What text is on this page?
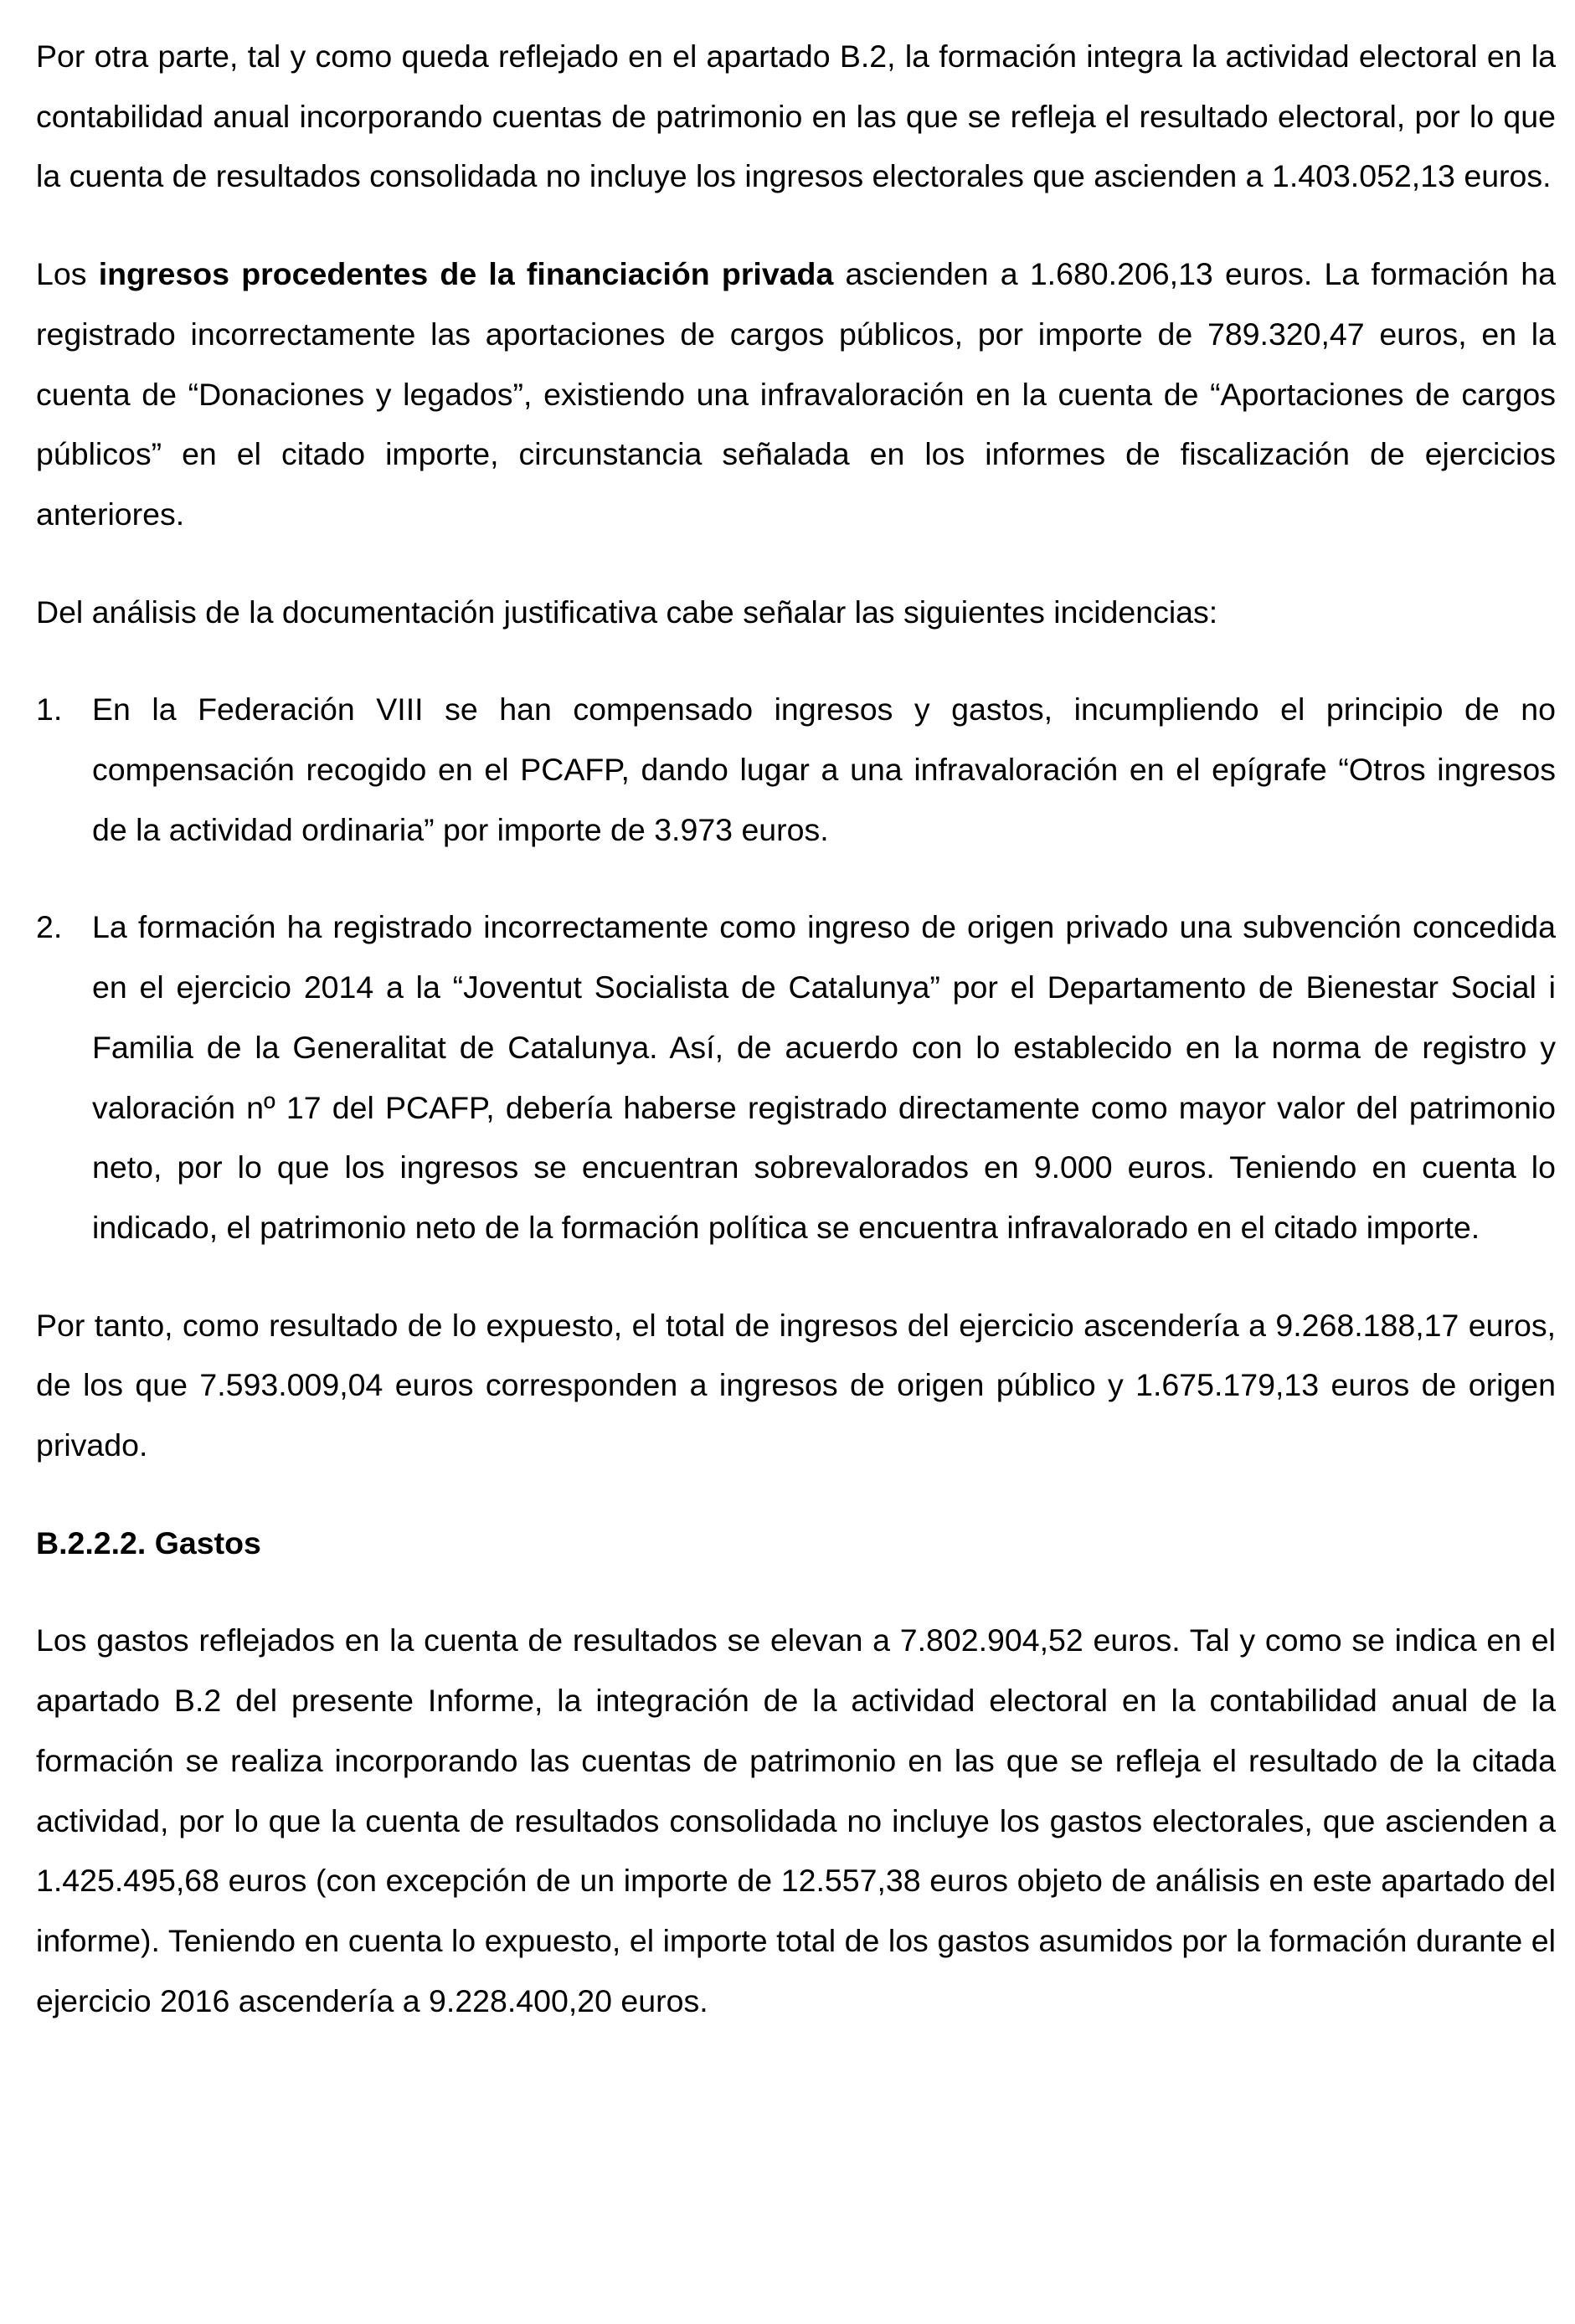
Por otra parte, tal y como queda reflejado en el apartado B.2, la formación integra la actividad electoral en la contabilidad anual incorporando cuentas de patrimonio en las que se refleja el resultado electoral, por lo que la cuenta de resultados consolidada no incluye los ingresos electorales que ascienden a 1.403.052,13 euros.

Los ingresos procedentes de la financiación privada ascienden a 1.680.206,13 euros. La formación ha registrado incorrectamente las aportaciones de cargos públicos, por importe de 789.320,47 euros, en la cuenta de “Donaciones y legados”, existiendo una infravaloración en la cuenta de “Aportaciones de cargos públicos” en el citado importe, circunstancia señalada en los informes de fiscalización de ejercicios anteriores.

Del análisis de la documentación justificativa cabe señalar las siguientes incidencias:

1. En la Federación VIII se han compensado ingresos y gastos, incumpliendo el principio de no compensación recogido en el PCAFP, dando lugar a una infravaloración en el epígrafe “Otros ingresos de la actividad ordinaria” por importe de 3.973 euros.
2. La formación ha registrado incorrectamente como ingreso de origen privado una subvención concedida en el ejercicio 2014 a la “Joventut Socialista de Catalunya” por el Departamento de Bienestar Social i Familia de la Generalitat de Catalunya. Así, de acuerdo con lo establecido en la norma de registro y valoración nº 17 del PCAFP, debería haberse registrado directamente como mayor valor del patrimonio neto, por lo que los ingresos se encuentran sobrevalorados en 9.000 euros. Teniendo en cuenta lo indicado, el patrimonio neto de la formación política se encuentra infravalorado en el citado importe.

Por tanto, como resultado de lo expuesto, el total de ingresos del ejercicio ascendería a 9.268.188,17 euros, de los que 7.593.009,04 euros corresponden a ingresos de origen público y 1.675.179,13 euros de origen privado.

B.2.2.2. Gastos

Los gastos reflejados en la cuenta de resultados se elevan a 7.802.904,52 euros. Tal y como se indica en el apartado B.2 del presente Informe, la integración de la actividad electoral en la contabilidad anual de la formación se realiza incorporando las cuentas de patrimonio en las que se refleja el resultado de la citada actividad, por lo que la cuenta de resultados consolidada no incluye los gastos electorales, que ascienden a 1.425.495,68 euros (con excepción de un importe de 12.557,38 euros objeto de análisis en este apartado del informe). Teniendo en cuenta lo expuesto, el importe total de los gastos asumidos por la formación durante el ejercicio 2016 ascendería a 9.228.400,20 euros.
